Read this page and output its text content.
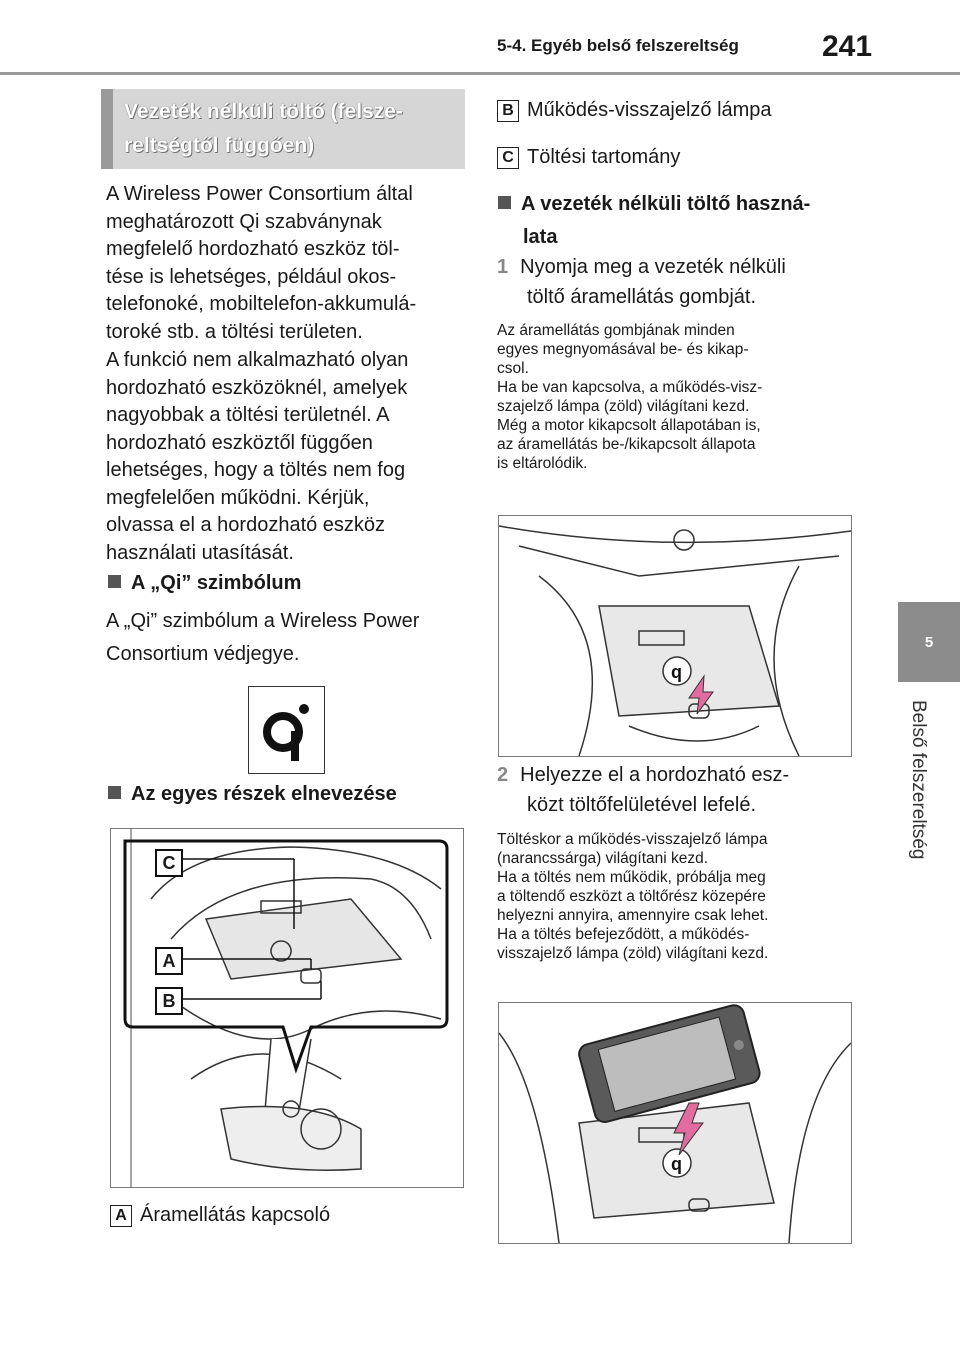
5-4. Egyéb belső felszereltség	241
5
Belső felszereltség
Vezeték nélküli töltő (felsze-reltségtől függően)
A Wireless Power Consortium által
meghatározott Qi szabványnak
megfelelő hordozható eszköz töl-
tése is lehetséges, például okos-
telefonoké, mobiltelefon-akkumulá-
toroké stb. a töltési területen.
A funkció nem alkalmazható olyan
hordozható eszközöknél, amelyek
nagyobbak a töltési területnél. A
hordozható eszköztől függően
lehetséges, hogy a töltés nem fog
megfelelően működni. Kérjük,
olvassa el a hordozható eszköz
használati utasítását.
A „Qi” szimbólum
A „Qi” szimbólum a Wireless Power
Consortium védjegye.
Az egyes részek elnevezése
C
A
B
A Áramellátás kapcsoló
B Működés-visszajelző lámpa
C Töltési tartomány
A vezeték nélküli töltő haszná-
lata
1 Nyomja meg a vezeték nélküli
töltő áramellátás gombját.
Az áramellátás gombjának minden
egyes megnyomásával be- és kikap-
csol.
Ha be van kapcsolva, a működés-visz-
szajelző lámpa (zöld) világítani kezd.
Még a motor kikapcsolt állapotában is,
az áramellátás be-/kikapcsolt állapota
is eltárolódik.
q
2 Helyezze el a hordozható esz-
közt töltőfelületével lefelé.
Töltéskor a működés-visszajelző lámpa
(narancssárga) világítani kezd.
Ha a töltés nem működik, próbálja meg
a töltendő eszközt a töltőrész közepére
helyezni annyira, amennyire csak lehet.
Ha a töltés befejeződött, a működés-
visszajelző lámpa (zöld) világítani kezd.
q
